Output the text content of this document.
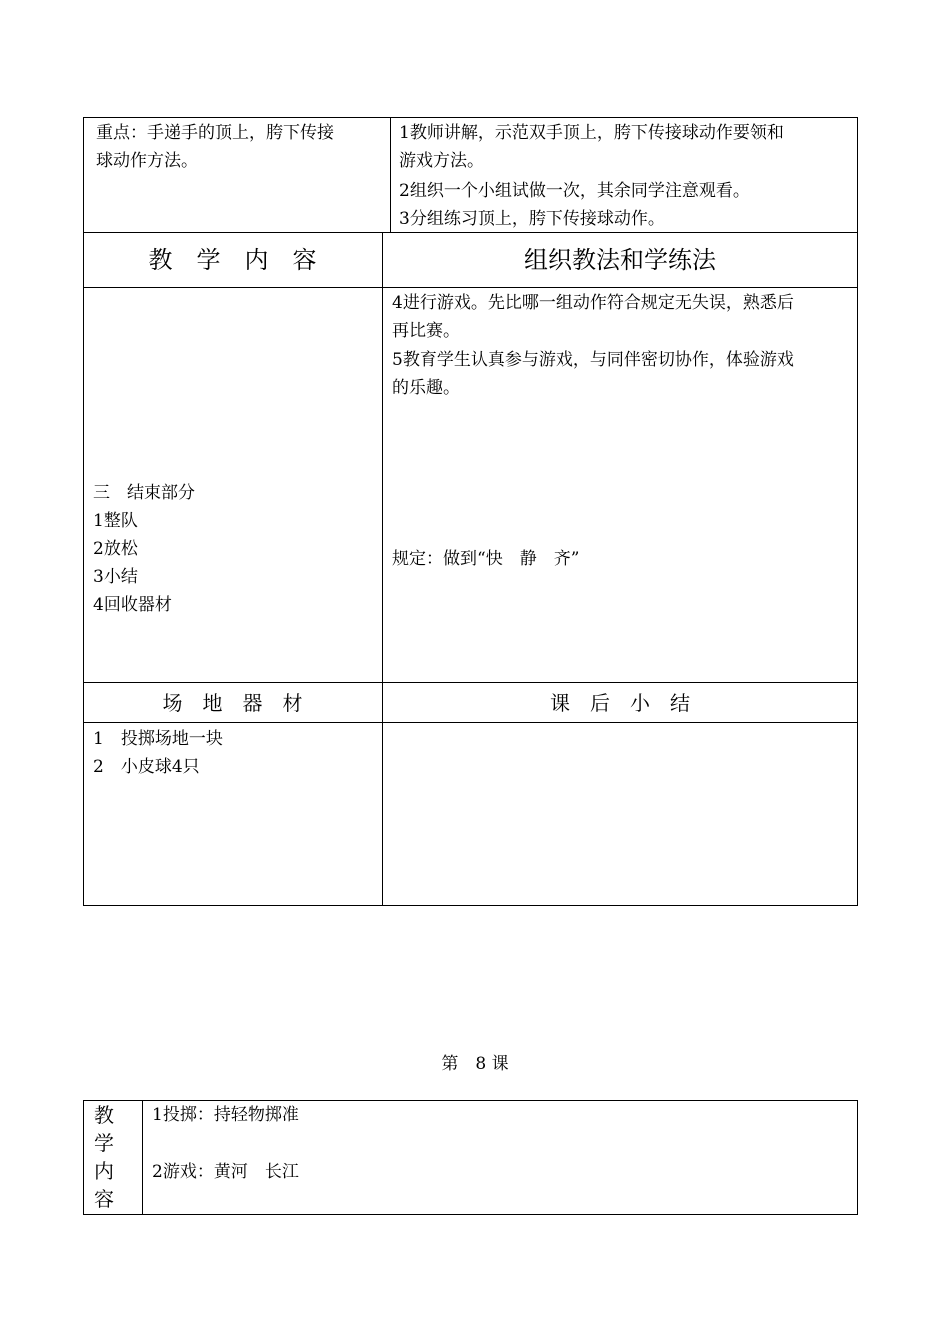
重点：手递手的顶上，胯下传接
球动作方法。
1教师讲解，示范双手顶上，胯下传接球动作要领和
游戏方法。
2组织一个小组试做一次，其余同学注意观看。
3分组练习顶上，胯下传接球动作。
教　学　内　容	组织教法和学练法
4进行游戏。先比哪一组动作符合规定无失误，熟悉后
再比赛。
5教育学生认真参与游戏，与同伴密切协作，体验游戏
的乐趣。
规定：做到“快　静　齐”
三　结束部分
1整队
2放松
3小结
4回收器材
场　地　器　材	课　后　小　结
1　投掷场地一块
2　小皮球4只
第　8 课
教
学
内
容
1投掷：持轻物掷准
2游戏：黄河　长江
